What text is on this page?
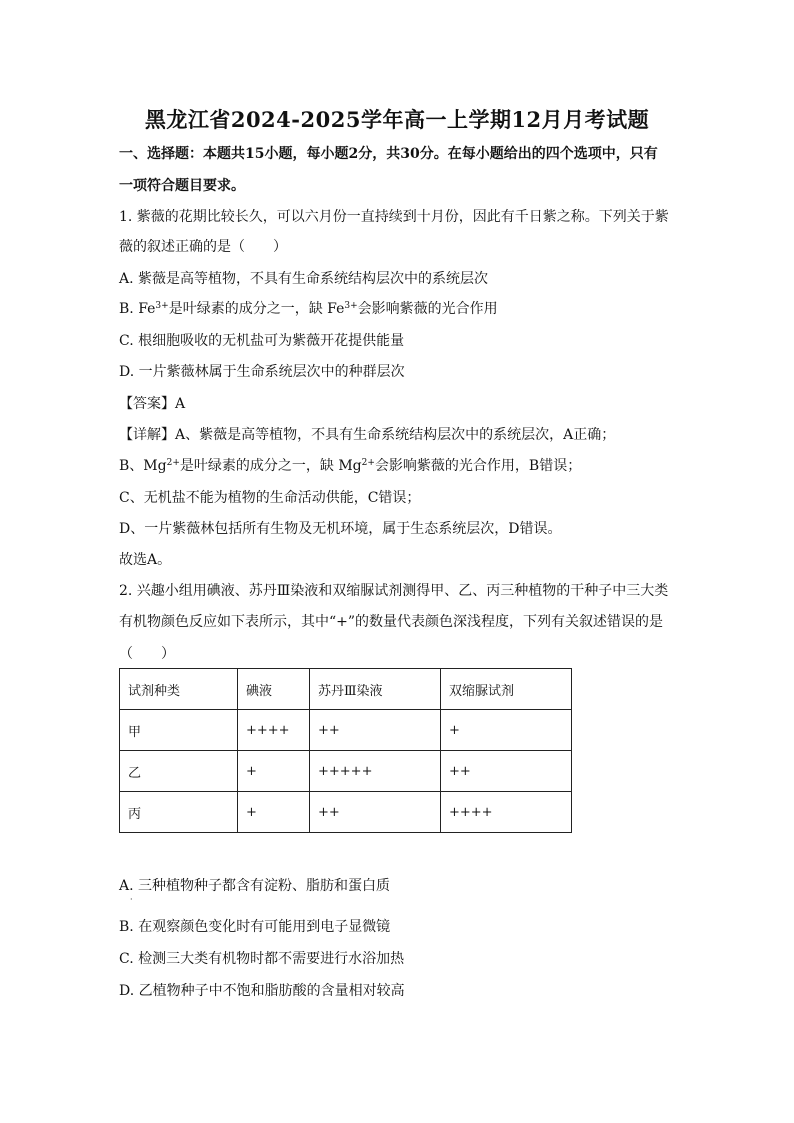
黑龙江省2024-2025学年高一上学期12月月考试题
一、选择题：本题共15小题，每小题2分，共30分。在每小题给出的四个选项中，只有
一项符合题目要求。
1. 紫薇的花期比较长久，可以六月份一直持续到十月份，因此有千日紫之称。下列关于紫
薇的叙述正确的是（　　）
A. 紫薇是高等植物，不具有生命系统结构层次中的系统层次
B. $Fe^{3+}$是叶绿素的成分之一，缺 $Fe^{3+}$会影响紫薇的光合作用
C. 根细胞吸收的无机盐可为紫薇开花提供能量
D. 一片紫薇林属于生命系统层次中的种群层次
【答案】A
【详解】A、紫薇是高等植物，不具有生命系统结构层次中的系统层次，A正确；
B、$Mg^{2+}$是叶绿素的成分之一，缺 $Mg^{2+}$会影响紫薇的光合作用，B错误；
C、无机盐不能为植物的生命活动供能，C错误；
D、一片紫薇林包括所有生物及无机环境，属于生态系统层次，D错误。
故选A。
2. 兴趣小组用碘液、苏丹Ⅲ染液和双缩脲试剂测得甲、乙、丙三种植物的干种子中三大类
有机物颜色反应如下表所示，其中“+”的数量代表颜色深浅程度，下列有关叙述错误的是
（　　）
试剂种类	碘液	苏丹Ⅲ染液	双缩脲试剂
甲	++++	++	+
乙	+	+++++	++
丙	+	++	++++
A. 三种植物种子都含有淀粉、脂肪和蛋白质
·
B. 在观察颜色变化时有可能用到电子显微镜
C. 检测三大类有机物时都不需要进行水浴加热
D. 乙植物种子中不饱和脂肪酸的含量相对较高
